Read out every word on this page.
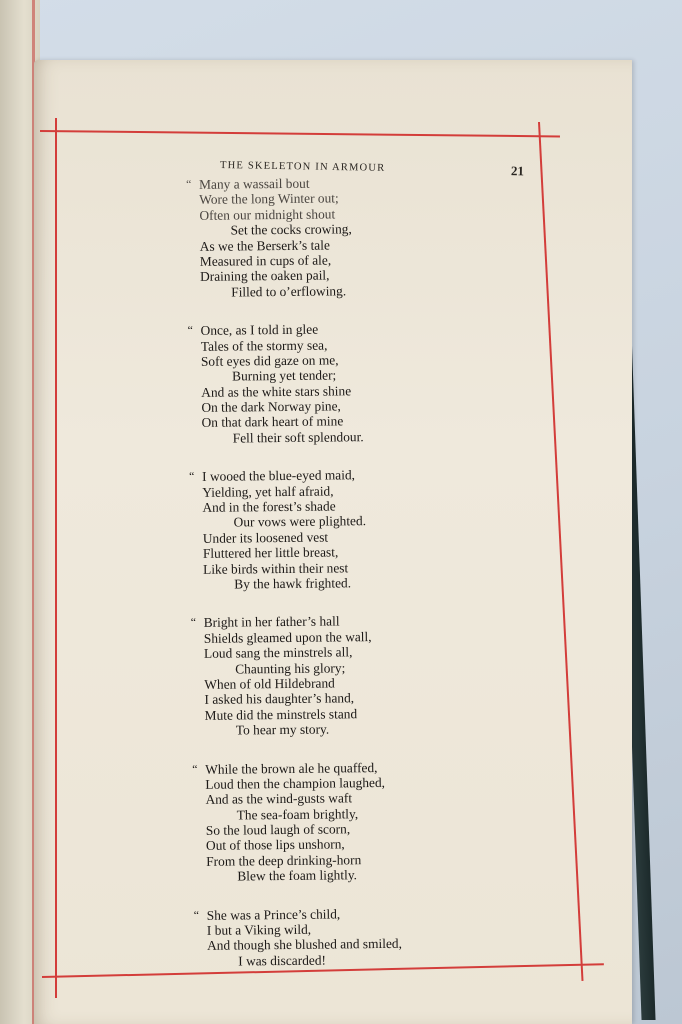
THE SKELETON IN ARMOUR	21
“ Many a wassail bout
Wore the long Winter out;
Often our midnight shout
Set the cocks crowing,
As we the Berserk’s tale
Measured in cups of ale,
Draining the oaken pail,
Filled to o’erflowing.
“ Once, as I told in glee
Tales of the stormy sea,
Soft eyes did gaze on me,
Burning yet tender;
And as the white stars shine
On the dark Norway pine,
On that dark heart of mine
Fell their soft splendour.
“ I wooed the blue-eyed maid,
Yielding, yet half afraid,
And in the forest’s shade
Our vows were plighted.
Under its loosened vest
Fluttered her little breast,
Like birds within their nest
By the hawk frighted.
“ Bright in her father’s hall
Shields gleamed upon the wall,
Loud sang the minstrels all,
Chaunting his glory;
When of old Hildebrand
I asked his daughter’s hand,
Mute did the minstrels stand
To hear my story.
“ While the brown ale he quaffed,
Loud then the champion laughed,
And as the wind-gusts waft
The sea-foam brightly,
So the loud laugh of scorn,
Out of those lips unshorn,
From the deep drinking-horn
Blew the foam lightly.
“ She was a Prince’s child,
I but a Viking wild,
And though she blushed and smiled,
I was discarded!
